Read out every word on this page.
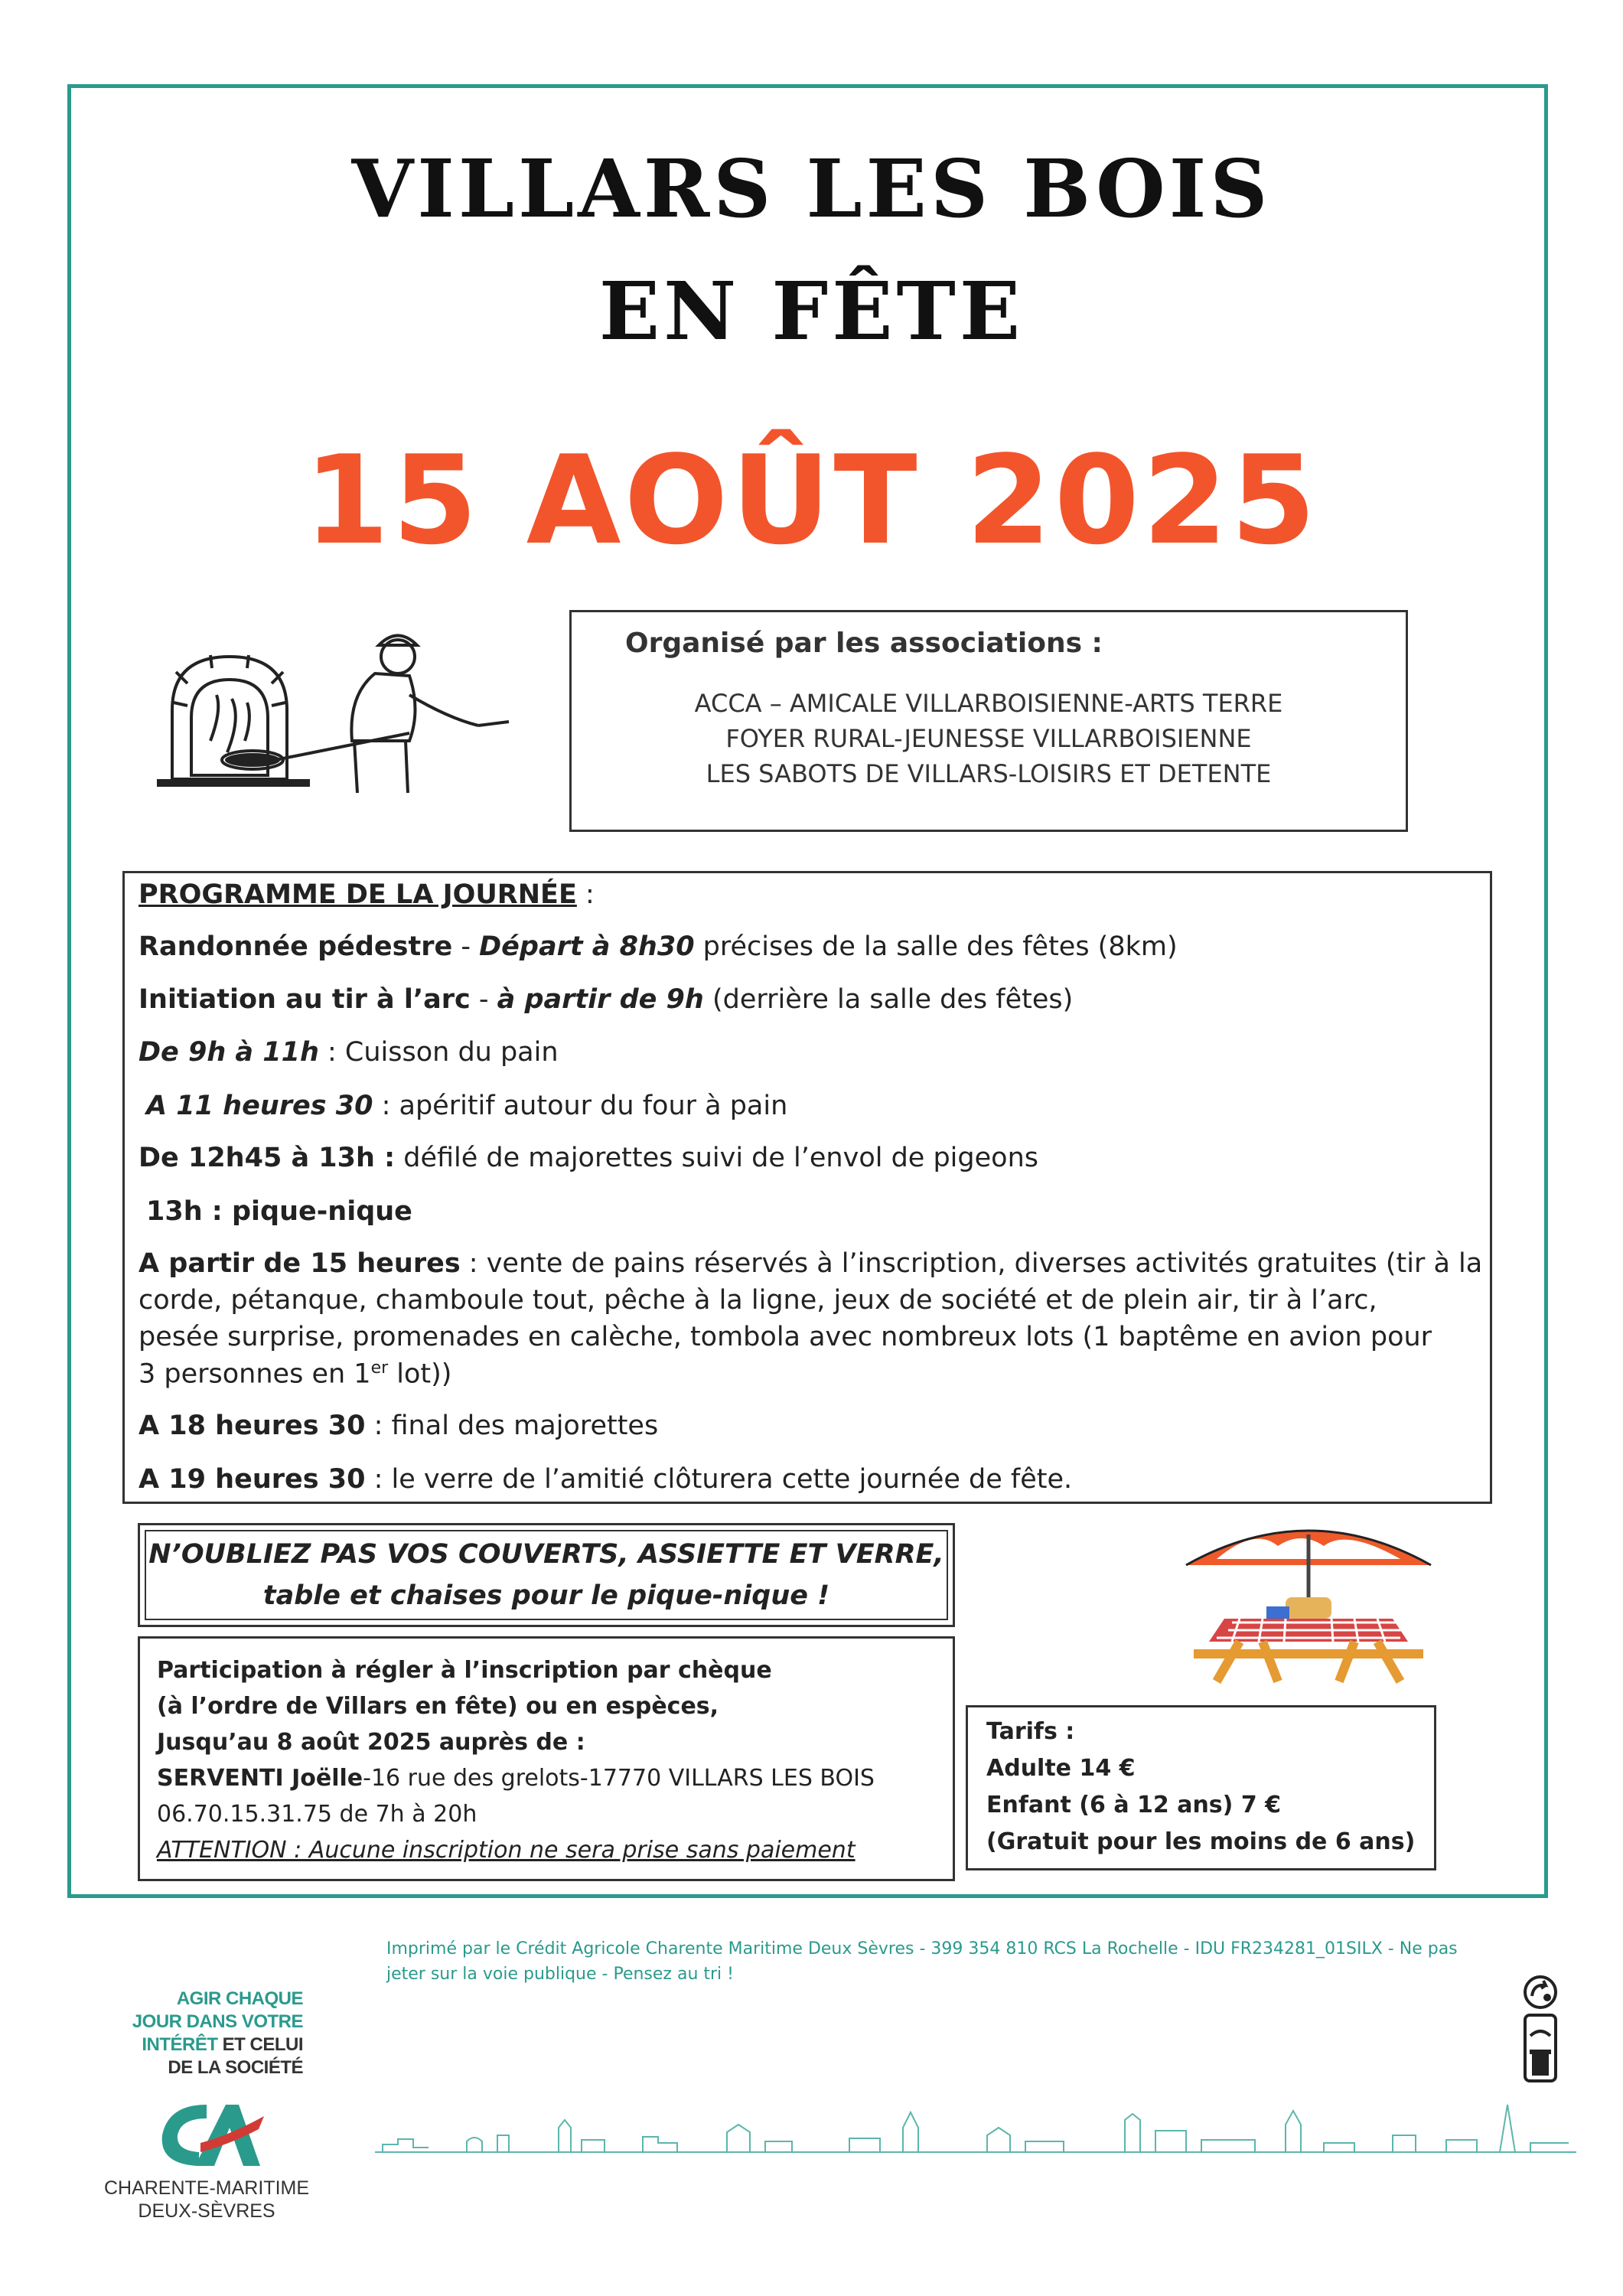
VILLARS LES BOIS
EN FÊTE
15 AOÛT 2025
Organisé par les associations :
ACCA – AMICALE VILLARBOISIENNE-ARTS TERRE
FOYER RURAL-JEUNESSE VILLARBOISIENNE
LES SABOTS DE VILLARS-LOISIRS ET DETENTE

PROGRAMME DE LA JOURNÉE :

Randonnée pédestre - Départ à 8h30 précises de la salle des fêtes (8km)

Initiation au tir à l’arc - à partir de 9h (derrière la salle des fêtes)

De 9h à 11h : Cuisson du pain

A 11 heures 30 : apéritif autour du four à pain

De 12h45 à 13h : défilé de majorettes suivi de l’envol de pigeons

13h : pique-nique

A partir de 15 heures : vente de pains réservés à l’inscription, diverses activités gratuites (tir à la

corde, pétanque, chamboule tout, pêche à la ligne, jeux de société et de plein air, tir à l’arc,

pesée surprise, promenades en calèche, tombola avec nombreux lots (1 baptême en avion pour

3 personnes en 1er lot))

A 18 heures 30 : final des majorettes

A 19 heures 30 : le verre de l’amitié clôturera cette journée de fête.

N’OUBLIEZ PAS VOS COUVERTS, ASSIETTE ET VERRE,

table et chaises pour le pique-nique !

Participation à régler à l’inscription par chèque

(à l’ordre de Villars en fête) ou en espèces,

Jusqu’au 8 août 2025 auprès de :

SERVENTI Joëlle-16 rue des grelots-17770 VILLARS LES BOIS

06.70.15.31.75 de 7h à 20h

ATTENTION : Aucune inscription ne sera prise sans paiement

Tarifs :

Adulte 14 €

Enfant (6 à 12 ans) 7 €

(Gratuit pour les moins de 6 ans)

Imprimé par le Crédit Agricole Charente Maritime Deux Sèvres - 399 354 810 RCS La Rochelle - IDU FR234281_01SILX - Ne pas jeter sur la voie publique - Pensez au tri !

AGIR CHAQUE
JOUR DANS VOTRE
INTÉRÊT ET CELUI
DE LA SOCIÉTÉ

CHARENTE-MARITIME
DEUX-SÈVRES
